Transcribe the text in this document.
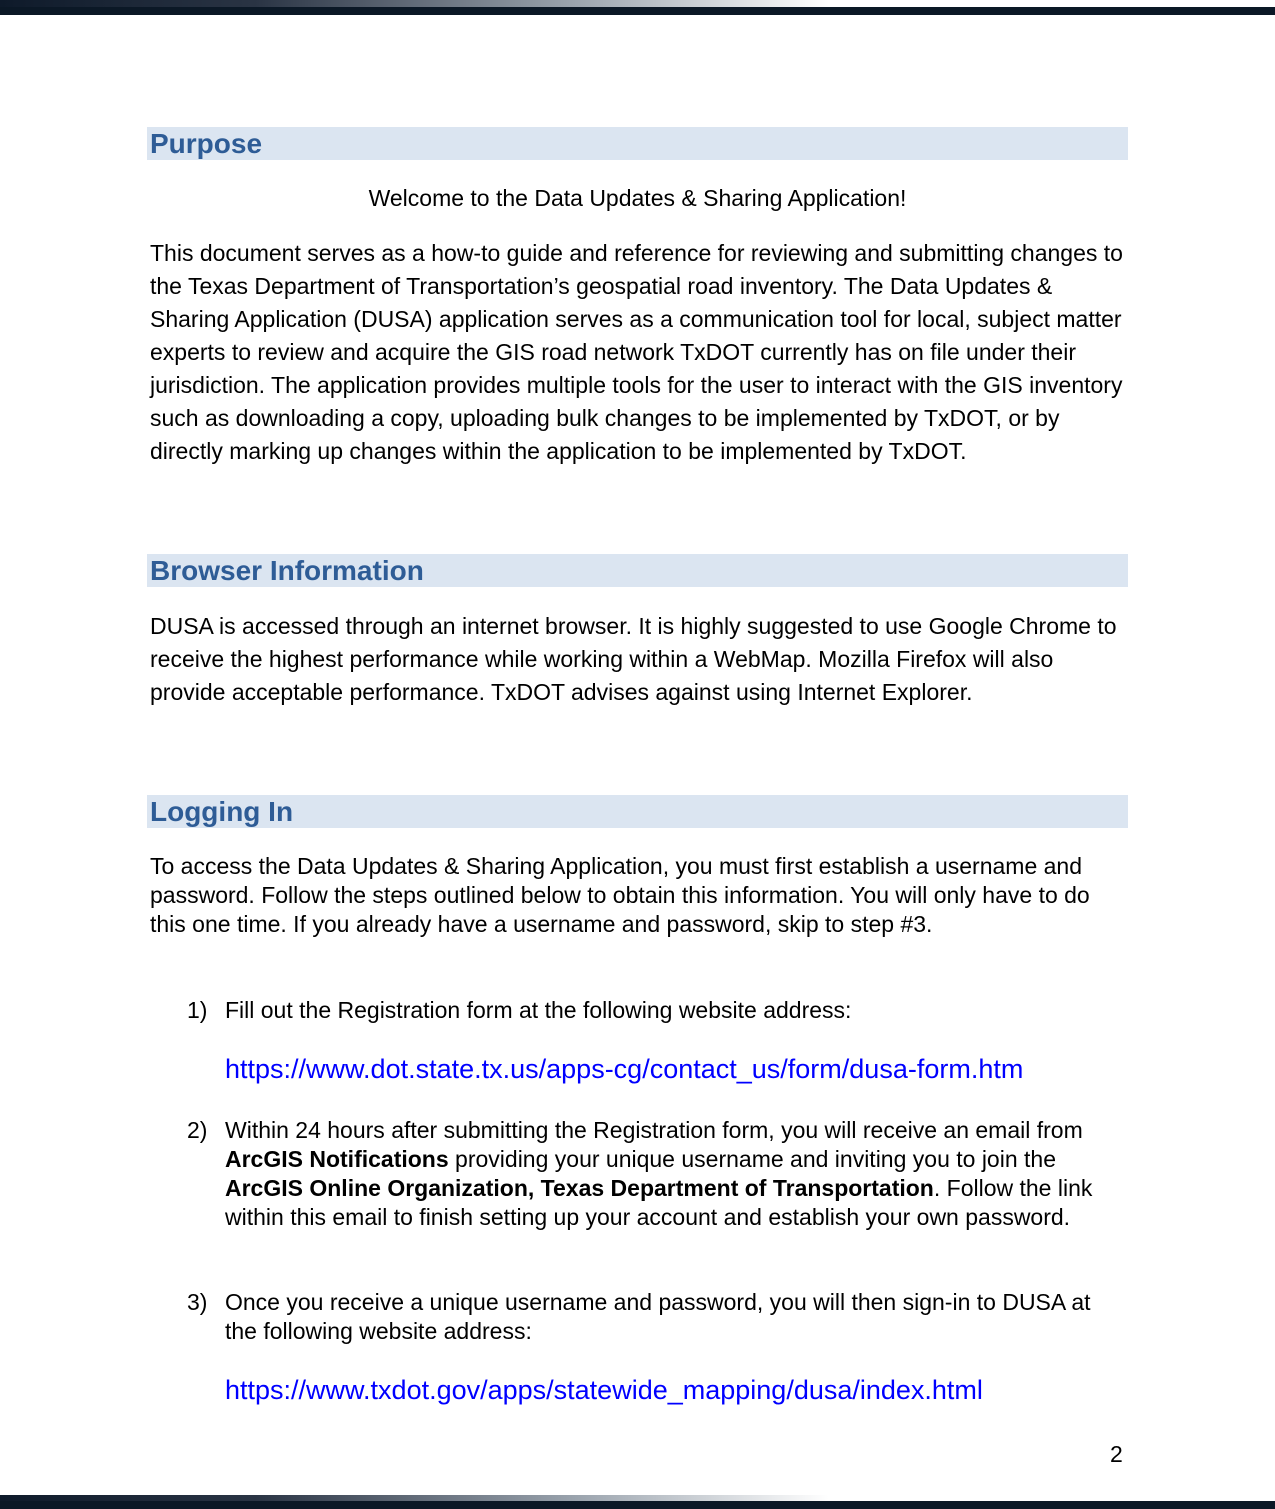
Purpose
Welcome to the Data Updates & Sharing Application!
This document serves as a how-to guide and reference for reviewing and submitting changes to the Texas Department of Transportation’s geospatial road inventory. The Data Updates & Sharing Application (DUSA) application serves as a communication tool for local, subject matter experts to review and acquire the GIS road network TxDOT currently has on file under their jurisdiction. The application provides multiple tools for the user to interact with the GIS inventory such as downloading a copy, uploading bulk changes to be implemented by TxDOT, or by directly marking up changes within the application to be implemented by TxDOT.
Browser Information
DUSA is accessed through an internet browser. It is highly suggested to use Google Chrome to receive the highest performance while working within a WebMap. Mozilla Firefox will also provide acceptable performance. TxDOT advises against using Internet Explorer.
Logging In
To access the Data Updates & Sharing Application, you must first establish a username and password. Follow the steps outlined below to obtain this information. You will only have to do this one time. If you already have a username and password, skip to step #3.
1) Fill out the Registration form at the following website address:
https://www.dot.state.tx.us/apps-cg/contact_us/form/dusa-form.htm
2) Within 24 hours after submitting the Registration form, you will receive an email from ArcGIS Notifications providing your unique username and inviting you to join the ArcGIS Online Organization, Texas Department of Transportation. Follow the link within this email to finish setting up your account and establish your own password.
3) Once you receive a unique username and password, you will then sign-in to DUSA at the following website address:
https://www.txdot.gov/apps/statewide_mapping/dusa/index.html
2
